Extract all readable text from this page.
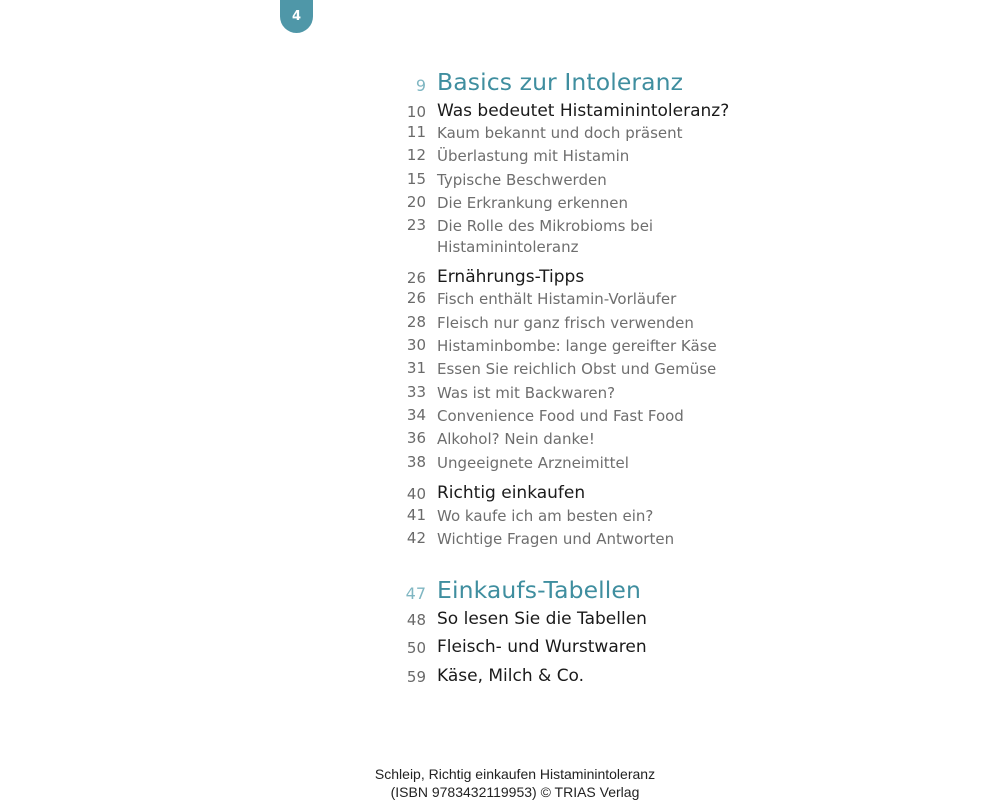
4
9 Basics zur Intoleranz
10 Was bedeutet Histaminintoleranz?
11 Kaum bekannt und doch präsent
12 Überlastung mit Histamin
15 Typische Beschwerden
20 Die Erkrankung erkennen
23 Die Rolle des Mikrobioms bei
Histaminintoleranz
26 Ernährungs-Tipps
26 Fisch enthält Histamin-Vorläufer
28 Fleisch nur ganz frisch verwenden
30 Histaminbombe: lange gereifter Käse
31 Essen Sie reichlich Obst und Gemüse
33 Was ist mit Backwaren?
34 Convenience Food und Fast Food
36 Alkohol? Nein danke!
38 Ungeeignete Arzneimittel
40 Richtig einkaufen
41 Wo kaufe ich am besten ein?
42 Wichtige Fragen und Antworten
47 Einkaufs-Tabellen
48 So lesen Sie die Tabellen
50 Fleisch- und Wurstwaren
59 Käse, Milch & Co.
Schleip, Richtig einkaufen Histaminintoleranz
(ISBN 9783432119953) © TRIAS Verlag
